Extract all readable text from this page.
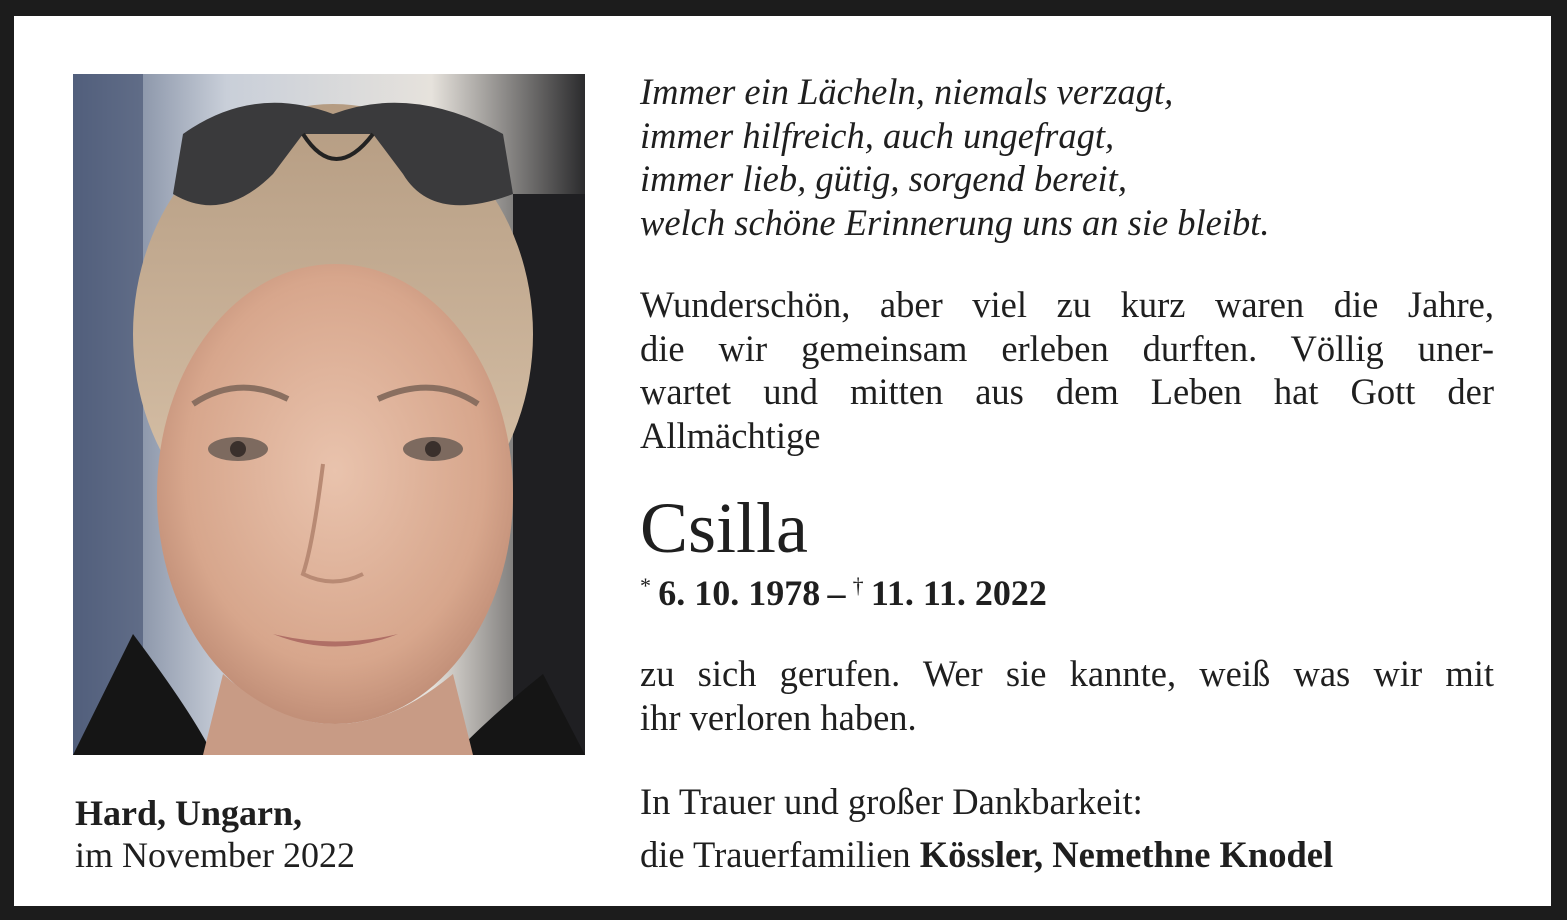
Hard, Ungarn,
im November 2022
Immer ein Lächeln, niemals verzagt,
immer hilfreich, auch ungefragt,
immer lieb, gütig, sorgend bereit,
welch schöne Erinnerung uns an sie bleibt.
Wunderschön, aber viel zu kurz waren die Jahre,
die wir gemeinsam erleben durften. Völlig uner-
wartet und mitten aus dem Leben hat Gott der
Allmächtige
Csilla
*  6. 10. 1978  –  †  11. 11. 2022
zu sich gerufen. Wer sie kannte, weiß was wir mit
ihr verloren haben.
In Trauer und großer Dankbarkeit:
die Trauerfamilien Kössler, Nemethne Knodel
